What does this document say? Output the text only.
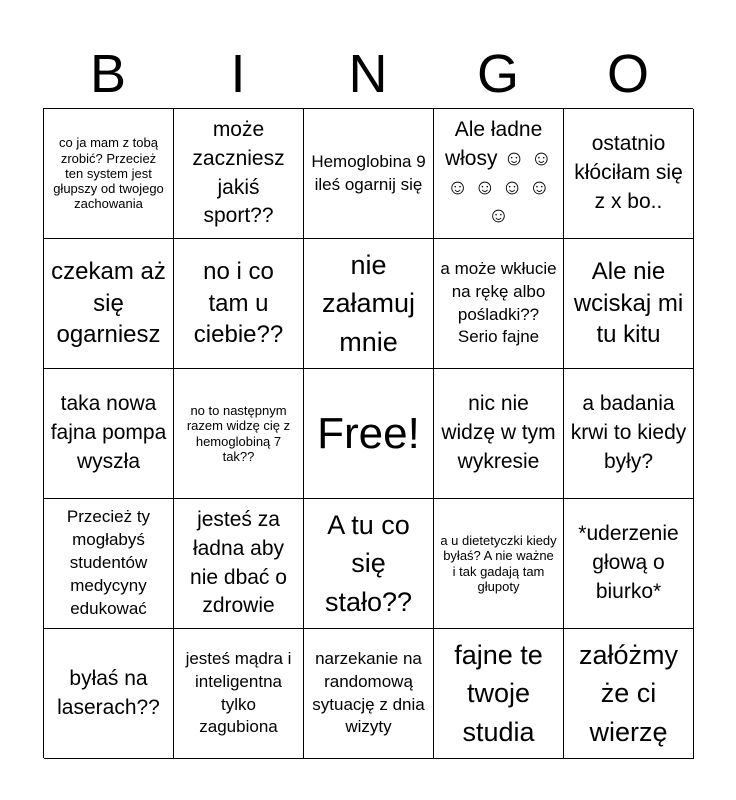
B	I	N	G	O
co ja mam z tobą zrobić? Przecież ten system jest głupszy od twojego zachowania
może zaczniesz jakiś sport??
Hemoglobina 9 ileś ogarnij się
Ale ładne włosy ☺ ☺ ☺ ☺ ☺ ☺ ☺
ostatnio kłóciłam się z x bo..
czekam aż się ogarniesz
no i co tam u ciebie??
nie załamuj mnie
a może wkłucie na rękę albo pośladki?? Serio fajne
Ale nie wciskaj mi tu kitu
taka nowa fajna pompa wyszła
no to następnym razem widzę cię z hemoglobiną 7 tak??	Free!
nic nie widzę w tym wykresie
a badania krwi to kiedy były?
Przecież ty mogłabyś studentów medycyny edukować
jesteś za ładna aby nie dbać o zdrowie
A tu co się stało??
a u dietetyczki kiedy byłaś? A nie ważne i tak gadają tam głupoty
*uderzenie głową o biurko*
byłaś na laserach??
jesteś mądra i inteligentna tylko zagubiona
narzekanie na randomową sytuację z dnia wizyty
fajne te twoje studia
załóżmy że ci wierzę
